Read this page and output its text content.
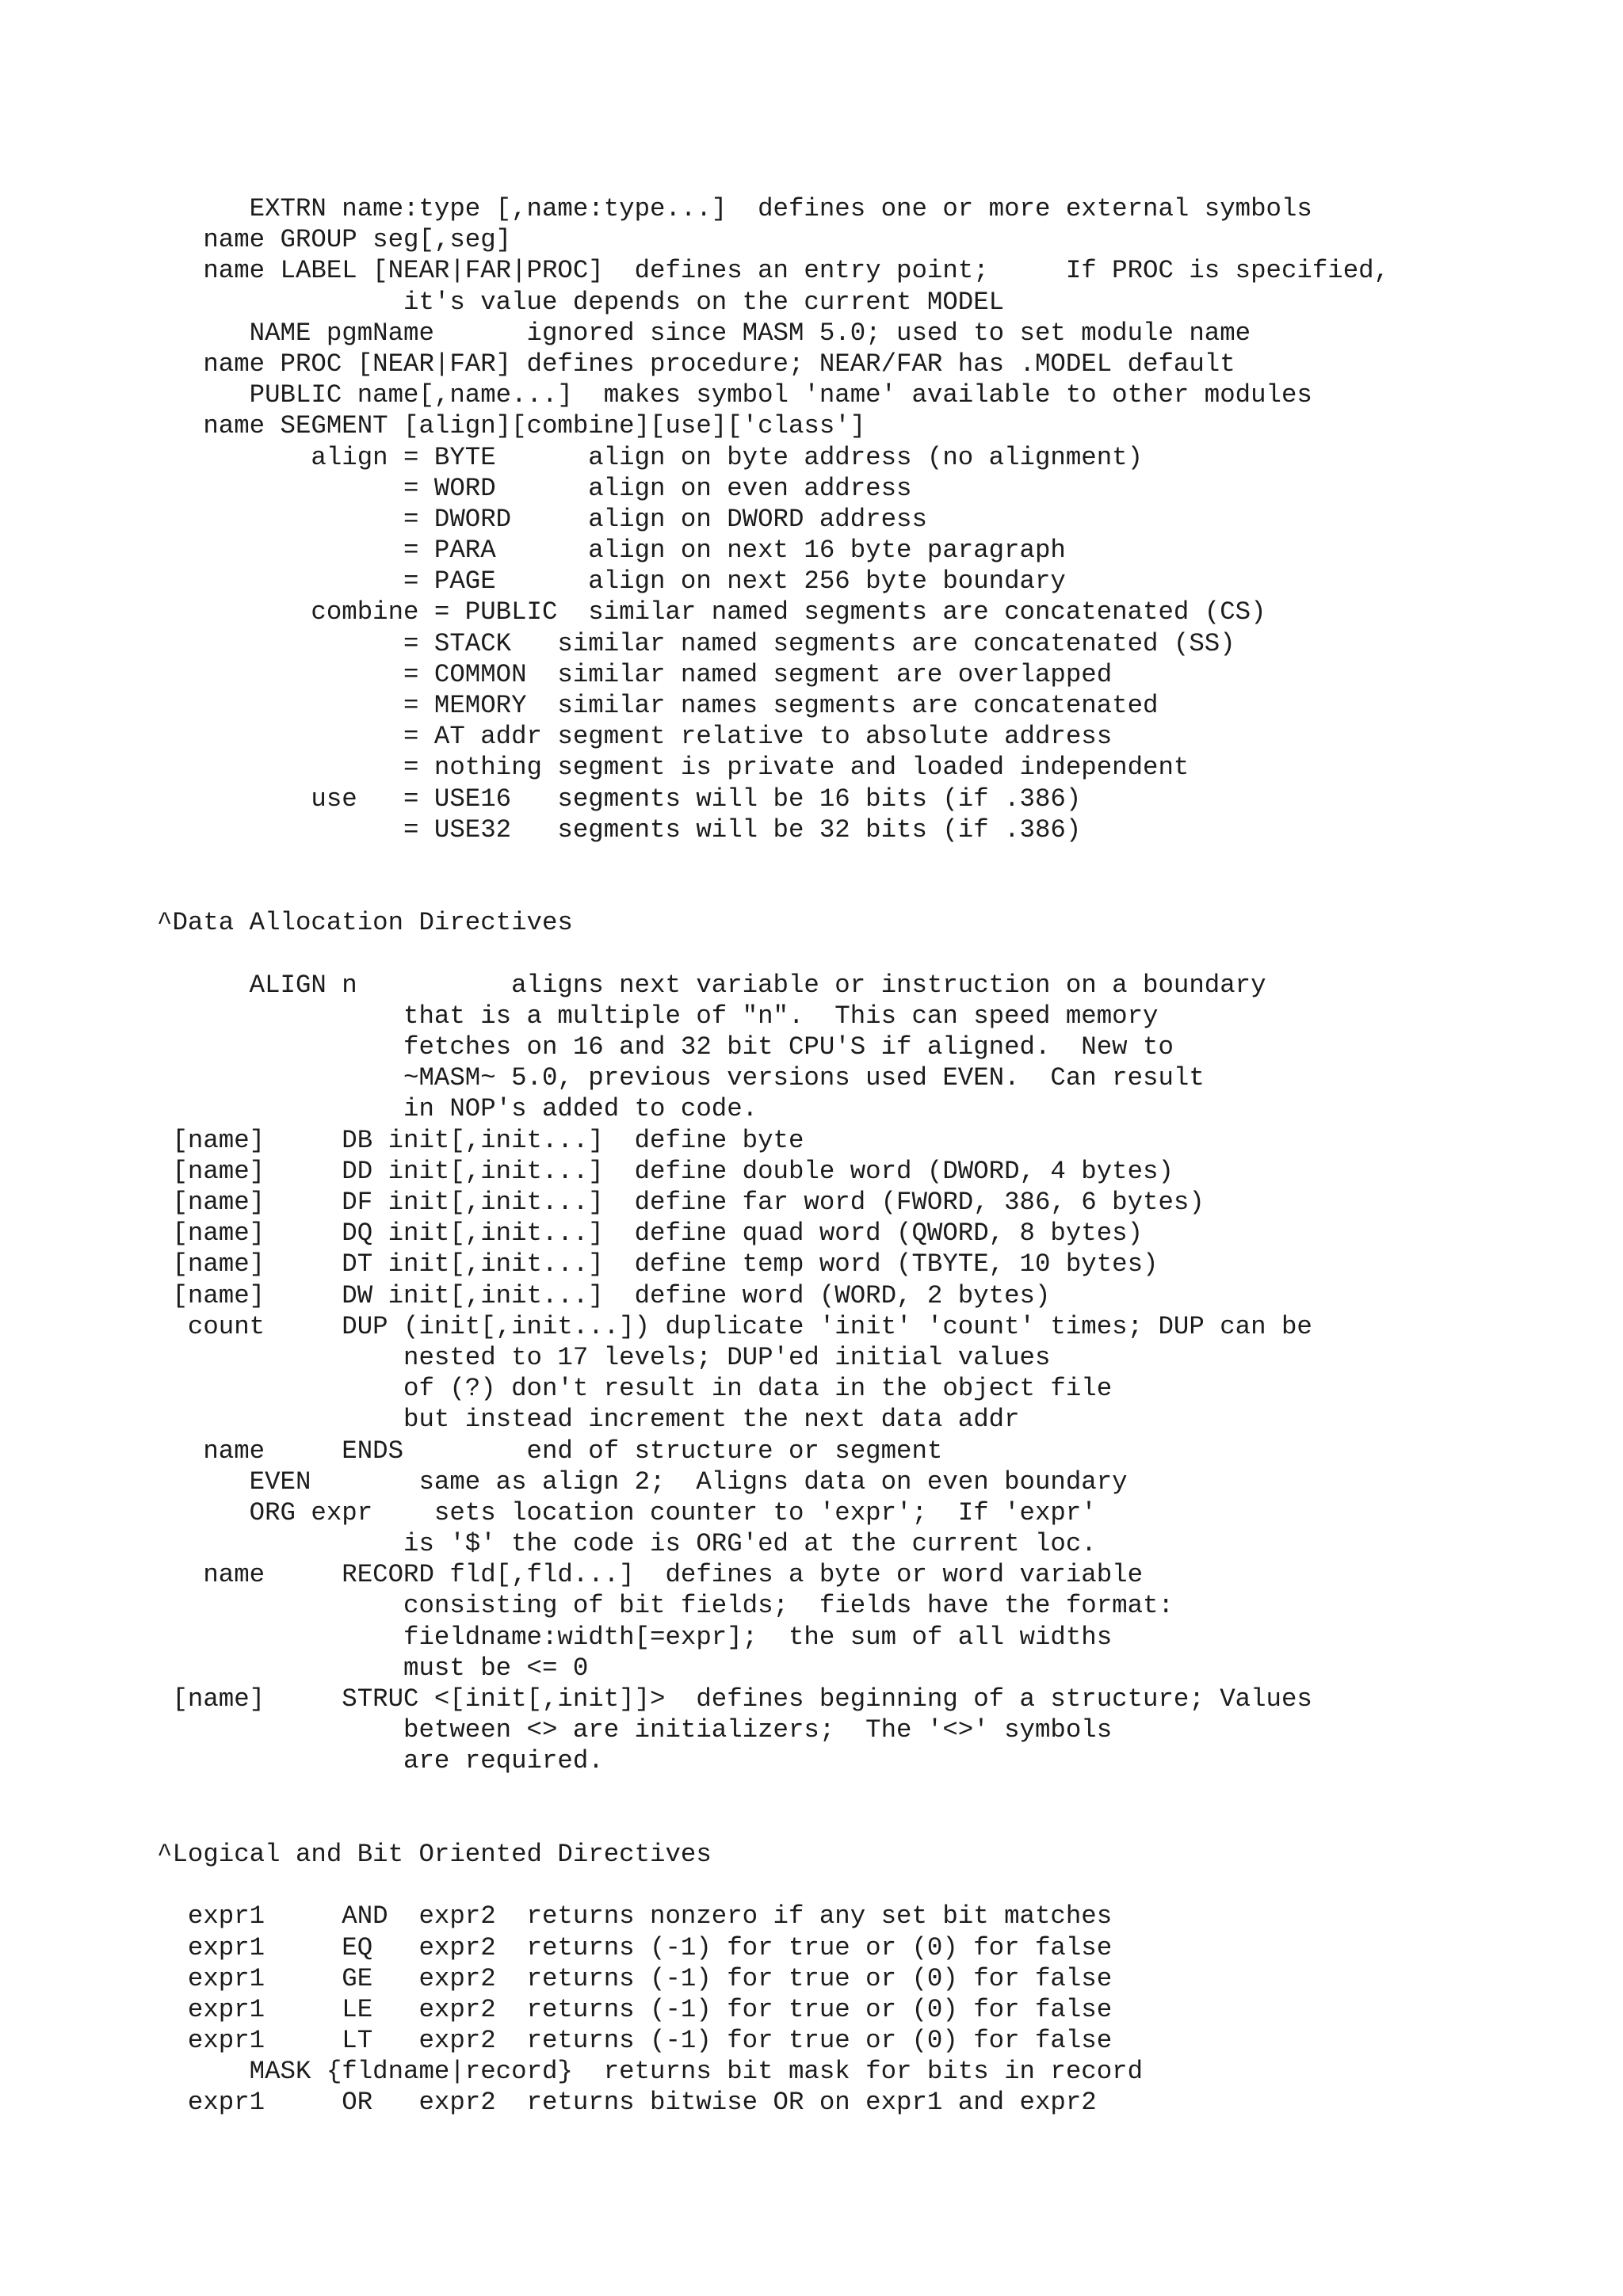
EXTRN name:type [,name:type...]  defines one or more external symbols
name GROUP seg[,seg]
name LABEL [NEAR|FAR|PROC]  defines an entry point;     If PROC is specified,
it's value depends on the current MODEL
NAME pgmName      ignored since MASM 5.0; used to set module name
name PROC [NEAR|FAR] defines procedure; NEAR/FAR has .MODEL default
PUBLIC name[,name...]  makes symbol 'name' available to other modules
name SEGMENT [align][combine][use]['class']
align = BYTE      align on byte address (no alignment)
= WORD      align on even address
= DWORD     align on DWORD address
= PARA      align on next 16 byte paragraph
= PAGE      align on next 256 byte boundary
combine = PUBLIC  similar named segments are concatenated (CS)
= STACK   similar named segments are concatenated (SS)
= COMMON  similar named segment are overlapped
= MEMORY  similar names segments are concatenated
= AT addr segment relative to absolute address
= nothing segment is private and loaded independent
use   = USE16   segments will be 16 bits (if .386)
= USE32   segments will be 32 bits (if .386)
^Data Allocation Directives
ALIGN n          aligns next variable or instruction on a boundary
that is a multiple of "n".  This can speed memory
fetches on 16 and 32 bit CPU'S if aligned.  New to
~MASM~ 5.0, previous versions used EVEN.  Can result
in NOP's added to code.
[name]     DB init[,init...]  define byte
[name]     DD init[,init...]  define double word (DWORD, 4 bytes)
[name]     DF init[,init...]  define far word (FWORD, 386, 6 bytes)
[name]     DQ init[,init...]  define quad word (QWORD, 8 bytes)
[name]     DT init[,init...]  define temp word (TBYTE, 10 bytes)
[name]     DW init[,init...]  define word (WORD, 2 bytes)
count     DUP (init[,init...]) duplicate 'init' 'count' times; DUP can be
nested to 17 levels; DUP'ed initial values
of (?) don't result in data in the object file
but instead increment the next data addr
name     ENDS        end of structure or segment
EVEN       same as align 2;  Aligns data on even boundary
ORG expr    sets location counter to 'expr';  If 'expr'
is '$' the code is ORG'ed at the current loc.
name     RECORD fld[,fld...]  defines a byte or word variable
consisting of bit fields;  fields have the format:
fieldname:width[=expr];  the sum of all widths
must be <= 0
[name]     STRUC <[init[,init]]>  defines beginning of a structure; Values
between <> are initializers;  The '<>' symbols
are required.
^Logical and Bit Oriented Directives
expr1     AND  expr2  returns nonzero if any set bit matches
expr1     EQ   expr2  returns (-1) for true or (0) for false
expr1     GE   expr2  returns (-1) for true or (0) for false
expr1     LE   expr2  returns (-1) for true or (0) for false
expr1     LT   expr2  returns (-1) for true or (0) for false
MASK {fldname|record}  returns bit mask for bits in record
expr1     OR   expr2  returns bitwise OR on expr1 and expr2
